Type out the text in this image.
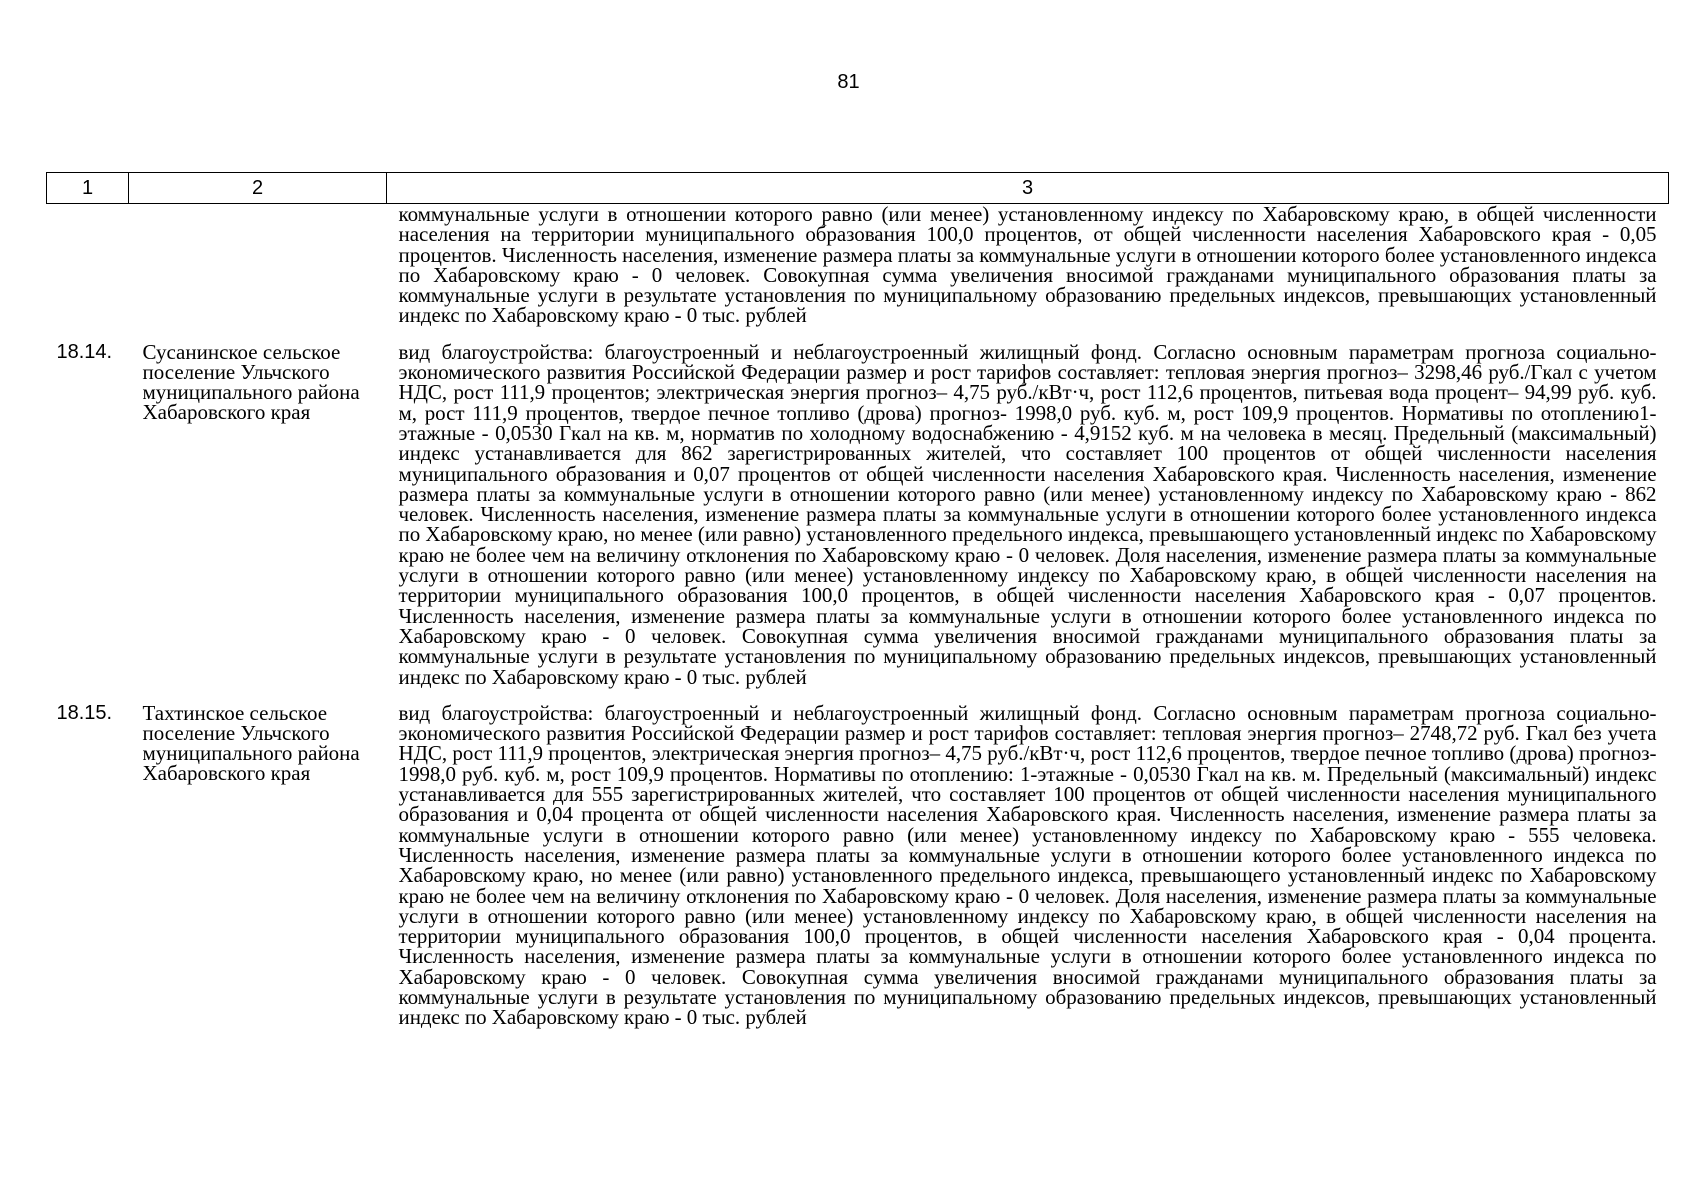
81
1	2	3
		коммунальные услуги в отношении которого равно (или менее) установленному индексу по Хабаровскому краю, в общей численности населения на территории муниципального образования 100,0 процентов, от общей численности населения Хабаровского края - 0,05 процентов. Численность населения, изменение размера платы за коммунальные услуги в отношении которого более установленного индекса по Хабаровскому краю - 0 человек. Совокупная сумма увеличения вносимой гражданами муниципального образования платы за коммунальные услуги в результате установления по муниципальному образованию предельных индексов, превышающих установленный индекс по Хабаровскому краю - 0 тыс. рублей

18.14.	Сусанинское сельское поселение Ульчского муниципального района Хабаровского края	вид благоустройства: благоустроенный и неблагоустроенный жилищный фонд. Согласно основным параметрам прогноза социально-экономического развития Российской Федерации размер и рост тарифов составляет: тепловая энергия прогноз– 3298,46 руб./Гкал с учетом НДС, рост 111,9 процентов; электрическая энергия прогноз– 4,75 руб./кВт·ч, рост 112,6 процентов, питьевая вода процент– 94,99 руб. куб. м, рост 111,9 процентов, твердое печное топливо (дрова) прогноз- 1998,0 руб. куб. м, рост 109,9 процентов. Нормативы по отоплению1-этажные - 0,0530 Гкал на кв. м, норматив по холодному водоснабжению - 4,9152 куб. м на человека в месяц. Предельный (максимальный) индекс устанавливается для 862 зарегистрированных жителей, что составляет 100 процентов от общей численности населения муниципального образования и 0,07 процентов от общей численности населения Хабаровского края. Численность населения, изменение размера платы за коммунальные услуги в отношении которого равно (или менее) установленному индексу по Хабаровскому краю - 862 человек. Численность населения, изменение размера платы за коммунальные услуги в отношении которого более установленного индекса по Хабаровскому краю, но менее (или равно) установленного предельного индекса, превышающего установленный индекс по Хабаровскому краю не более чем на величину отклонения по Хабаровскому краю - 0 человек. Доля населения, изменение размера платы за коммунальные услуги в отношении которого равно (или менее) установленному индексу по Хабаровскому краю, в общей численности населения на территории муниципального образования 100,0 процентов, в общей численности населения Хабаровского края - 0,07 процентов. Численность населения, изменение размера платы за коммунальные услуги в отношении которого более установленного индекса по Хабаровскому краю - 0 человек. Совокупная сумма увеличения вносимой гражданами муниципального образования платы за коммунальные услуги в результате установления по муниципальному образованию предельных индексов, превышающих установленный индекс по Хабаровскому краю - 0 тыс. рублей

18.15.	Тахтинское сельское поселение Ульчского муниципального района Хабаровского края	вид благоустройства: благоустроенный и неблагоустроенный жилищный фонд. Согласно основным параметрам прогноза социально-экономического развития Российской Федерации размер и рост тарифов составляет: тепловая энергия прогноз– 2748,72 руб. Гкал без учета НДС, рост 111,9 процентов, электрическая энергия прогноз– 4,75 руб./кВт·ч, рост 112,6 процентов, твердое печное топливо (дрова) прогноз- 1998,0 руб. куб. м, рост 109,9 процентов. Нормативы по отоплению: 1-этажные - 0,0530 Гкал на кв. м. Предельный (максимальный) индекс устанавливается для 555 зарегистрированных жителей, что составляет 100 процентов от общей численности населения муниципального образования и 0,04 процента от общей численности населения Хабаровского края. Численность населения, изменение размера платы за коммунальные услуги в отношении которого равно (или менее) установленному индексу по Хабаровскому краю - 555 человека. Численность населения, изменение размера платы за коммунальные услуги в отношении которого более установленного индекса по Хабаровскому краю, но менее (или равно) установленного предельного индекса, превышающего установленный индекс по Хабаровскому краю не более чем на величину отклонения по Хабаровскому краю - 0 человек. Доля населения, изменение размера платы за коммунальные услуги в отношении которого равно (или менее) установленному индексу по Хабаровскому краю, в общей численности населения на территории муниципального образования 100,0 процентов, в общей численности населения Хабаровского края - 0,04 процента. Численность населения, изменение размера платы за коммунальные услуги в отношении которого более установленного индекса по Хабаровскому краю - 0 человек. Совокупная сумма увеличения вносимой гражданами муниципального образования платы за коммунальные услуги в результате установления по муниципальному образованию предельных индексов, превышающих установленный индекс по Хабаровскому краю - 0 тыс. рублей
